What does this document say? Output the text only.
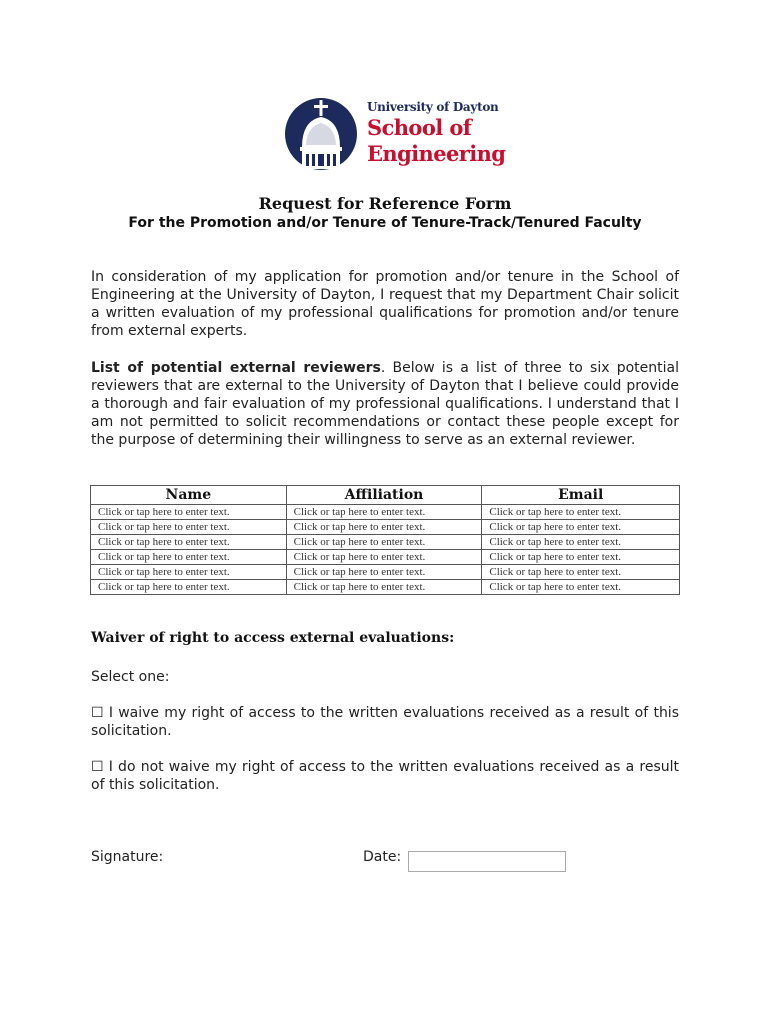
University of Dayton
School of
Engineering
Request for Reference Form
For the Promotion and/or Tenure of Tenure-Track/Tenured Faculty
In consideration of my application for promotion and/or tenure in the School of Engineering at the University of Dayton, I request that my Department Chair solicit a written evaluation of my professional qualifications for promotion and/or tenure from external experts.
List of potential external reviewers. Below is a list of three to six potential reviewers that are external to the University of Dayton that I believe could provide a thorough and fair evaluation of my professional qualifications. I understand that I am not permitted to solicit recommendations or contact these people except for the purpose of determining their willingness to serve as an external reviewer.
Name	Affiliation	Email
Click or tap here to enter text.	Click or tap here to enter text.	Click or tap here to enter text.
Click or tap here to enter text.	Click or tap here to enter text.	Click or tap here to enter text.
Click or tap here to enter text.	Click or tap here to enter text.	Click or tap here to enter text.
Click or tap here to enter text.	Click or tap here to enter text.	Click or tap here to enter text.
Click or tap here to enter text.	Click or tap here to enter text.	Click or tap here to enter text.
Click or tap here to enter text.	Click or tap here to enter text.	Click or tap here to enter text.
Waiver of right to access external evaluations:
Select one:
☐ I waive my right of access to the written evaluations received as a result of this solicitation.
☐ I do not waive my right of access to the written evaluations received as a result of this solicitation.
Signature:	Date:
